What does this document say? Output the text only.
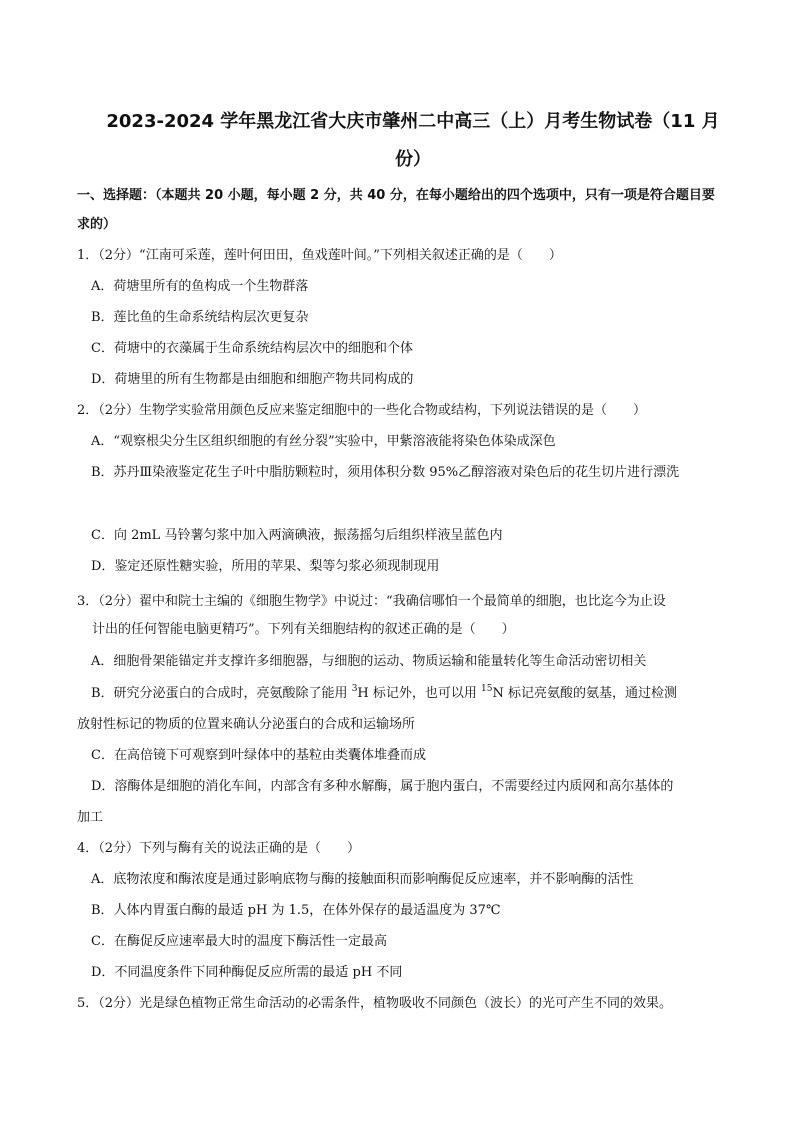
2023-2024 学年黑龙江省大庆市肇州二中高三（上）月考生物试卷（11 月份）
一、选择题：（本题共 20 小题，每小题 2 分，共 40 分，在每小题给出的四个选项中，只有一项是符合题目要求的）
1．（2分）“江南可采莲，莲叶何田田，鱼戏莲叶间。”下列相关叙述正确的是（　　）
A．荷塘里所有的鱼构成一个生物群落
B．莲比鱼的生命系统结构层次更复杂
C．荷塘中的衣藻属于生命系统结构层次中的细胞和个体
D．荷塘里的所有生物都是由细胞和细胞产物共同构成的
2．（2分）生物学实验常用颜色反应来鉴定细胞中的一些化合物或结构，下列说法错误的是（　　）
A．“观察根尖分生区组织细胞的有丝分裂”实验中，甲紫溶液能将染色体染成深色
B．苏丹Ⅲ染液鉴定花生子叶中脂肪颗粒时，须用体积分数 95%乙醇溶液对染色后的花生切片进行漂洗
C．向 2mL 马铃薯匀浆中加入两滴碘液，振荡摇匀后组织样液呈蓝色内
D．鉴定还原性糖实验，所用的苹果、梨等匀浆必须现制现用
3．（2分）翟中和院士主编的《细胞生物学》中说过：“我确信哪怕一个最简单的细胞，也比迄今为止设
计出的任何智能电脑更精巧”。下列有关细胞结构的叙述正确的是（　　）
A．细胞骨架能锚定并支撑许多细胞器，与细胞的运动、物质运输和能量转化等生命活动密切相关
B．研究分泌蛋白的合成时，亮氨酸除了能用 $^3$H 标记外，也可以用 $^{15}$N 标记亮氨酸的氨基，通过检测
放射性标记的物质的位置来确认分泌蛋白的合成和运输场所
C．在高倍镜下可观察到叶绿体中的基粒由类囊体堆叠而成
D．溶酶体是细胞的消化车间，内部含有多种水解酶，属于胞内蛋白，不需要经过内质网和高尔基体的
加工
4．（2分）下列与酶有关的说法正确的是（　　）
A．底物浓度和酶浓度是通过影响底物与酶的接触面积而影响酶促反应速率，并不影响酶的活性
B．人体内胃蛋白酶的最适 pH 为 1.5，在体外保存的最适温度为 37℃
C．在酶促反应速率最大时的温度下酶活性一定最高
D．不同温度条件下同种酶促反应所需的最适 pH 不同
5．（2分）光是绿色植物正常生命活动的必需条件，植物吸收不同颜色（波长）的光可产生不同的效果。
